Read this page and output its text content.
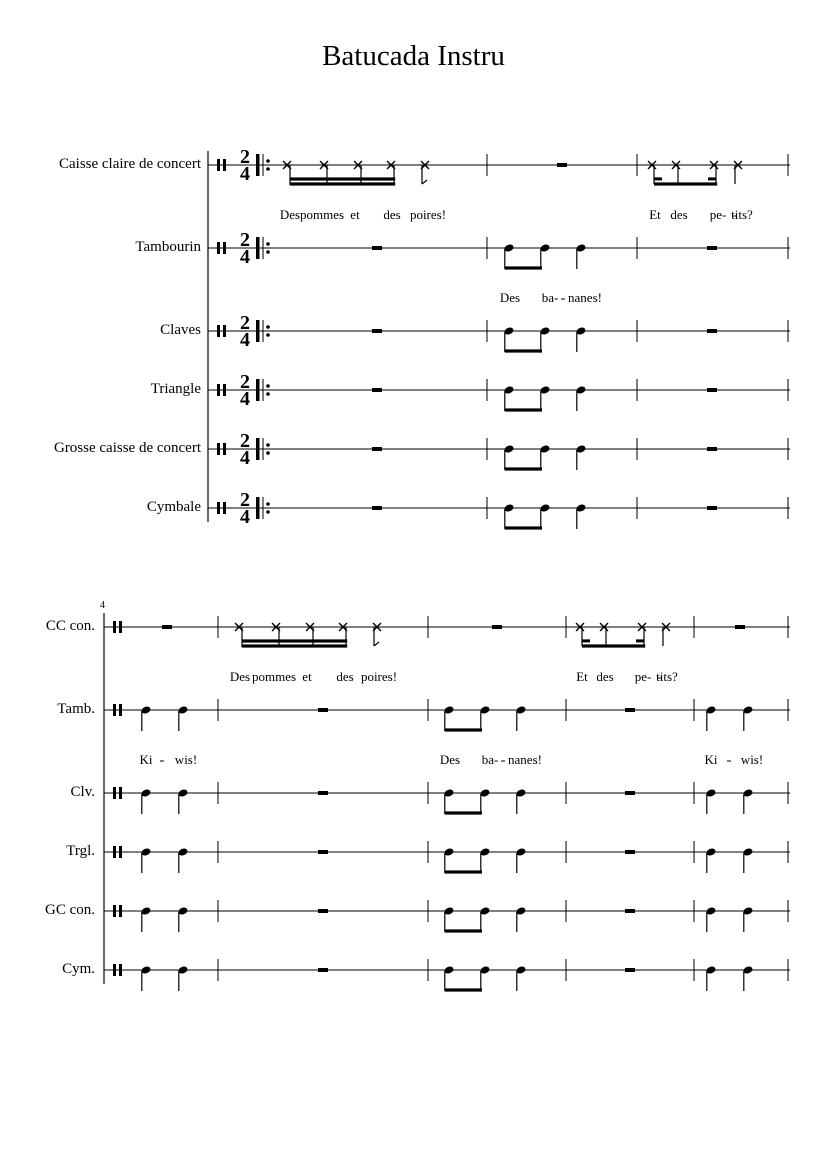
Batucada Instru
2
4
2
4
2
4
2
4
2
4
2
4
4
Caisse claire de concert
Tambourin
Claves
Triangle
Grosse caisse de concert
Cymbale
CC con.
Tamb.
Clv.
Trgl.
GC con.
Cym.
Des pommes et des poires!	Et des pe- tits?
Des ba- nanes!
Des pommes et des poires!	Et des pe- tits?
Des ba- nanes!
Ki wis!	Ki wis!
